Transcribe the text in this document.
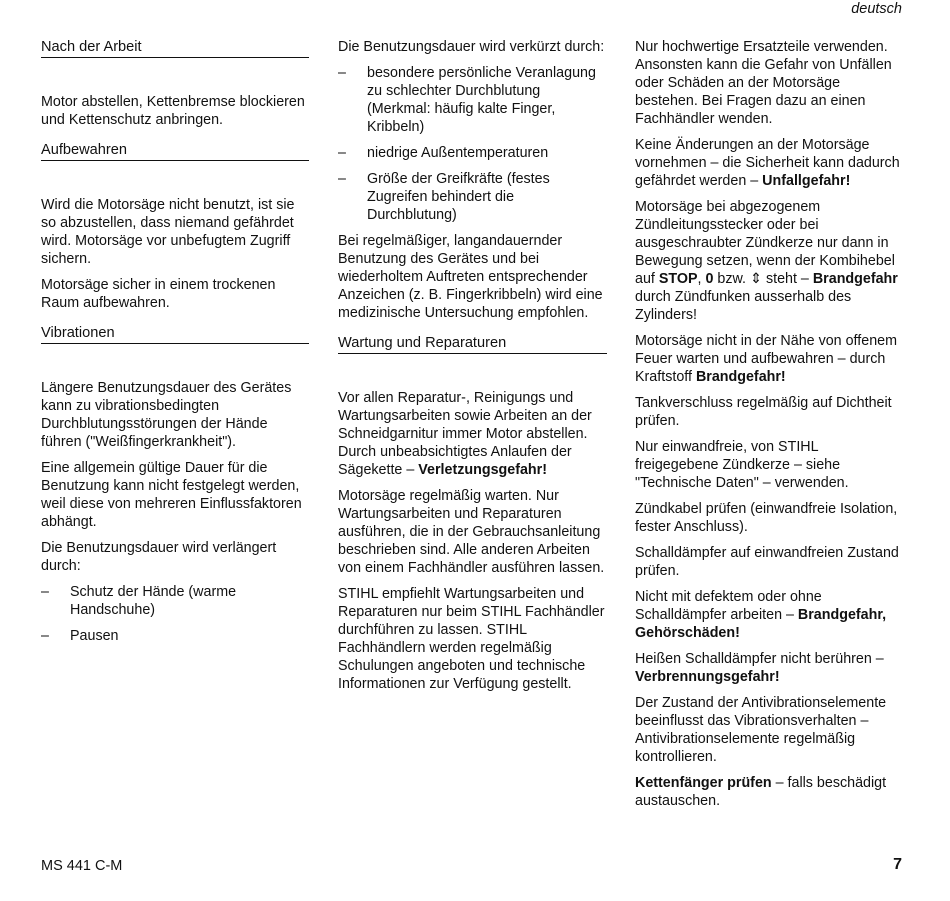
deutsch
Nach der Arbeit

Motor abstellen, Kettenbremse blockieren und Kettenschutz anbringen.

Aufbewahren

Wird die Motorsäge nicht benutzt, ist sie so abzustellen, dass niemand gefährdet wird. Motorsäge vor unbefugtem Zugriff sichern.

Motorsäge sicher in einem trockenen Raum aufbewahren.

Vibrationen

Längere Benutzungsdauer des Gerätes kann zu vibrationsbedingten Durchblutungsstörungen der Hände führen ("Weißfingerkrankheit").

Eine allgemein gültige Dauer für die Benutzung kann nicht festgelegt werden, weil diese von mehreren Einflussfaktoren abhängt.

Die Benutzungsdauer wird verlängert durch:

– Schutz der Hände (warme Handschuhe)
– Pausen

Die Benutzungsdauer wird verkürzt durch:

– besondere persönliche Veranlagung zu schlechter Durchblutung (Merkmal: häufig kalte Finger, Kribbeln)
– niedrige Außentemperaturen
– Größe der Greifkräfte (festes Zugreifen behindert die Durchblutung)

Bei regelmäßiger, langandauernder Benutzung des Gerätes und bei wiederholtem Auftreten entsprechender Anzeichen (z. B. Fingerkribbeln) wird eine medizinische Untersuchung empfohlen.

Wartung und Reparaturen

Vor allen Reparatur-, Reinigungs und Wartungsarbeiten sowie Arbeiten an der Schneidgarnitur immer Motor abstellen. Durch unbeabsichtigtes Anlaufen der Sägekette – Verletzungsgefahr!

Motorsäge regelmäßig warten. Nur Wartungsarbeiten und Reparaturen ausführen, die in der Gebrauchsanleitung beschrieben sind. Alle anderen Arbeiten von einem Fachhändler ausführen lassen.

STIHL empfiehlt Wartungsarbeiten und Reparaturen nur beim STIHL Fachhändler durchführen zu lassen. STIHL Fachhändlern werden regelmäßig Schulungen angeboten und technische Informationen zur Verfügung gestellt.

Nur hochwertige Ersatzteile verwenden. Ansonsten kann die Gefahr von Unfällen oder Schäden an der Motorsäge bestehen. Bei Fragen dazu an einen Fachhändler wenden.

Keine Änderungen an der Motorsäge vornehmen – die Sicherheit kann dadurch gefährdet werden – Unfallgefahr!

Motorsäge bei abgezogenem Zündleitungsstecker oder bei ausgeschraubter Zündkerze nur dann in Bewegung setzen, wenn der Kombihebel auf STOP, 0 bzw. ⇕ steht – Brandgefahr durch Zündfunken ausserhalb des Zylinders!

Motorsäge nicht in der Nähe von offenem Feuer warten und aufbewahren – durch Kraftstoff Brandgefahr!

Tankverschluss regelmäßig auf Dichtheit prüfen.

Nur einwandfreie, von STIHL freigegebene Zündkerze – siehe "Technische Daten" – verwenden.

Zündkabel prüfen (einwandfreie Isolation, fester Anschluss).

Schalldämpfer auf einwandfreien Zustand prüfen.

Nicht mit defektem oder ohne Schalldämpfer arbeiten – Brandgefahr, Gehörschäden!

Heißen Schalldämpfer nicht berühren – Verbrennungsgefahr!

Der Zustand der Antivibrationselemente beeinflusst das Vibrationsverhalten – Antivibrationselemente regelmäßig kontrollieren.

Kettenfänger prüfen – falls beschädigt austauschen.

MS 441 C-M	7
